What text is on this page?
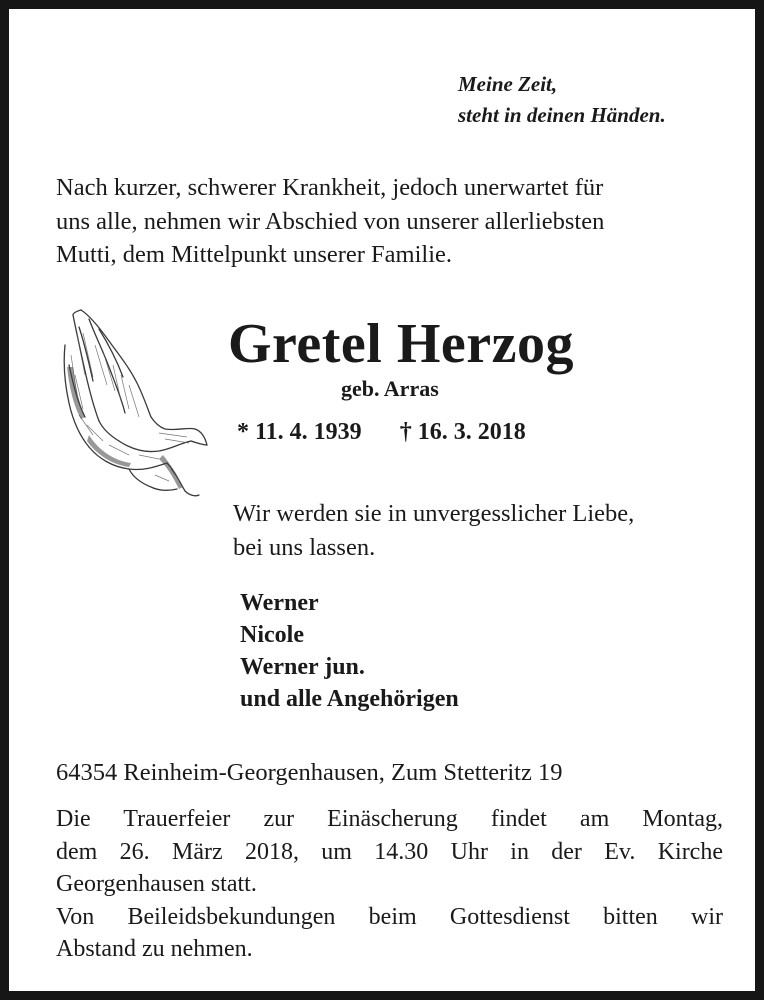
Meine Zeit,
steht in deinen Händen.
Nach kurzer, schwerer Krankheit, jedoch unerwartet für
uns alle, nehmen wir Abschied von unserer allerliebsten
Mutti, dem Mittelpunkt unserer Familie.
Gretel Herzog
geb. Arras
* 11. 4. 1939 † 16. 3. 2018
Wir werden sie in unvergesslicher Liebe,
bei uns lassen.
Werner
Nicole
Werner jun.
und alle Angehörigen
64354 Reinheim-Georgenhausen, Zum Stetteritz 19
Die Trauerfeier zur Einäscherung findet am Montag,
dem 26. März 2018, um 14.30 Uhr in der Ev. Kirche
Georgenhausen statt.
Von Beileidsbekundungen beim Gottesdienst bitten wir
Abstand zu nehmen.
